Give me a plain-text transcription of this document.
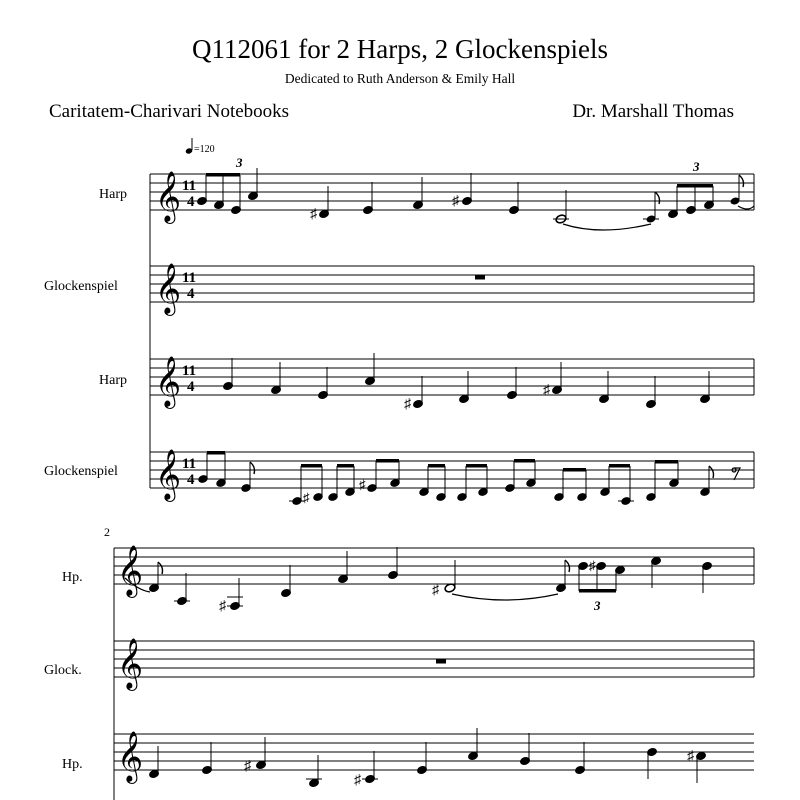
Q112061 for 2 Harps, 2 Glockenspiels
Dedicated to Ruth Anderson & Emily Hall
Caritatem-Charivari Notebooks	Dr. Marshall Thomas
=120
Harp 𝄞 11
4
3
♯
♯
3
Glockenspiel 𝄞 11
4
Harp 𝄞 11
4
♯
♯
Glockenspiel 𝄞 11
4
♯
♯
2
Hp. 𝄞
♯
♯
♯
3
Glock. 𝄞
Hp. 𝄞	♯
♯
♯
